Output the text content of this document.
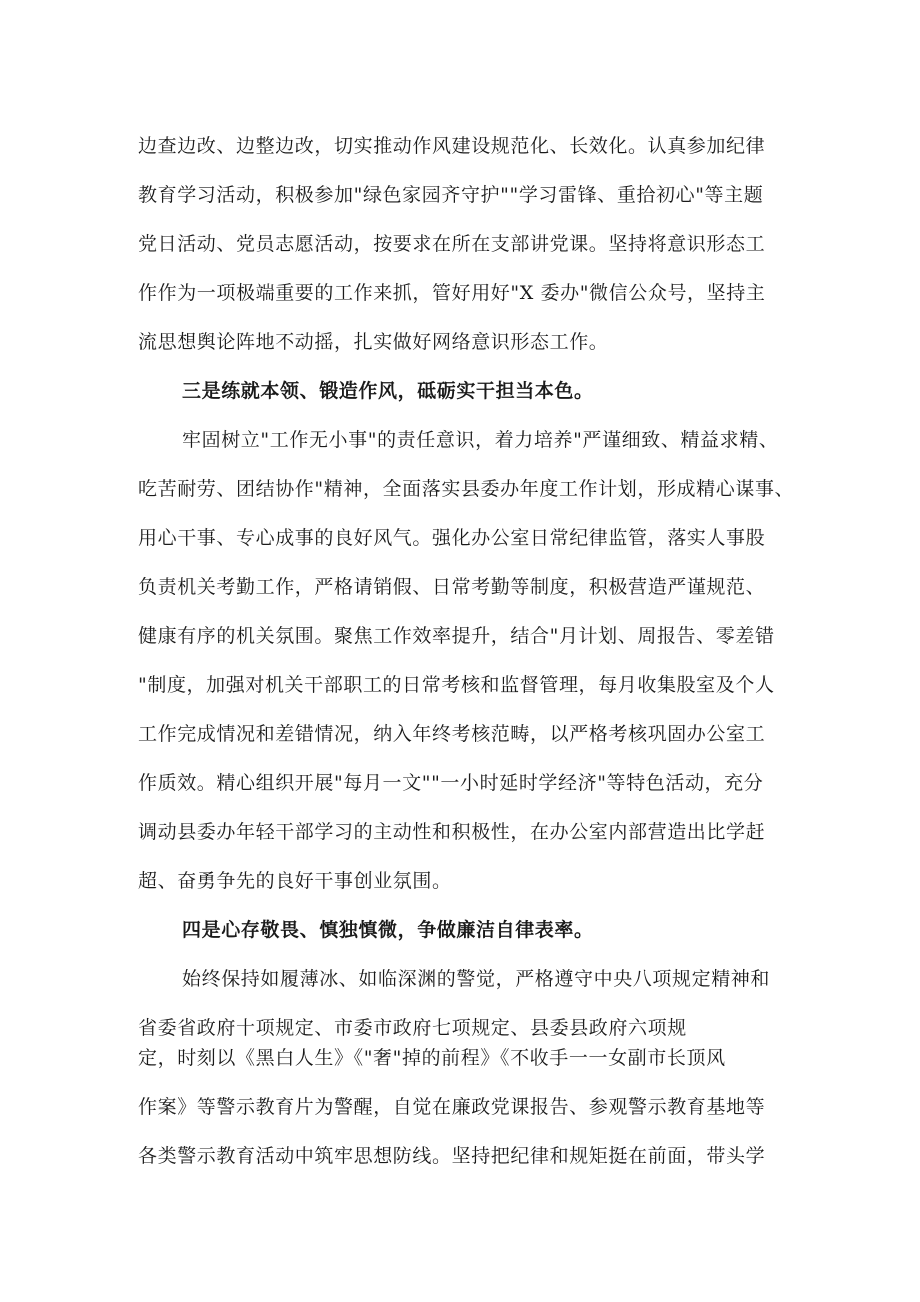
边查边改、边整边改，切实推动作风建设规范化、长效化。认真参加纪律
教育学习活动，积极参加"绿色家园齐守护""学习雷锋、重拾初心"等主题
党日活动、党员志愿活动，按要求在所在支部讲党课。坚持将意识形态工
作作为一项极端重要的工作来抓，管好用好"X 委办"微信公众号，坚持主
流思想舆论阵地不动摇，扎实做好网络意识形态工作。
三是练就本领、锻造作风，砥砺实干担当本色。
牢固树立"工作无小事"的责任意识，着力培养"严谨细致、精益求精、
吃苦耐劳、团结协作"精神，全面落实县委办年度工作计划，形成精心谋事、
用心干事、专心成事的良好风气。强化办公室日常纪律监管，落实人事股
负责机关考勤工作，严格请销假、日常考勤等制度，积极营造严谨规范、
健康有序的机关氛围。聚焦工作效率提升，结合"月计划、周报告、零差错
"制度，加强对机关干部职工的日常考核和监督管理，每月收集股室及个人
工作完成情况和差错情况，纳入年终考核范畴，以严格考核巩固办公室工
作质效。精心组织开展"每月一文""一小时延时学经济"等特色活动，充分
调动县委办年轻干部学习的主动性和积极性，在办公室内部营造出比学赶
超、奋勇争先的良好干事创业氛围。
四是心存敬畏、慎独慎微，争做廉洁自律表率。
始终保持如履薄冰、如临深渊的警觉，严格遵守中央八项规定精神和
省委省政府十项规定、市委市政府七项规定、县委县政府六项规
定，时刻以《黑白人生》《"奢"掉的前程》《不收手一一女副市长顶风
作案》等警示教育片为警醒，自觉在廉政党课报告、参观警示教育基地等
各类警示教育活动中筑牢思想防线。坚持把纪律和规矩挺在前面，带头学
